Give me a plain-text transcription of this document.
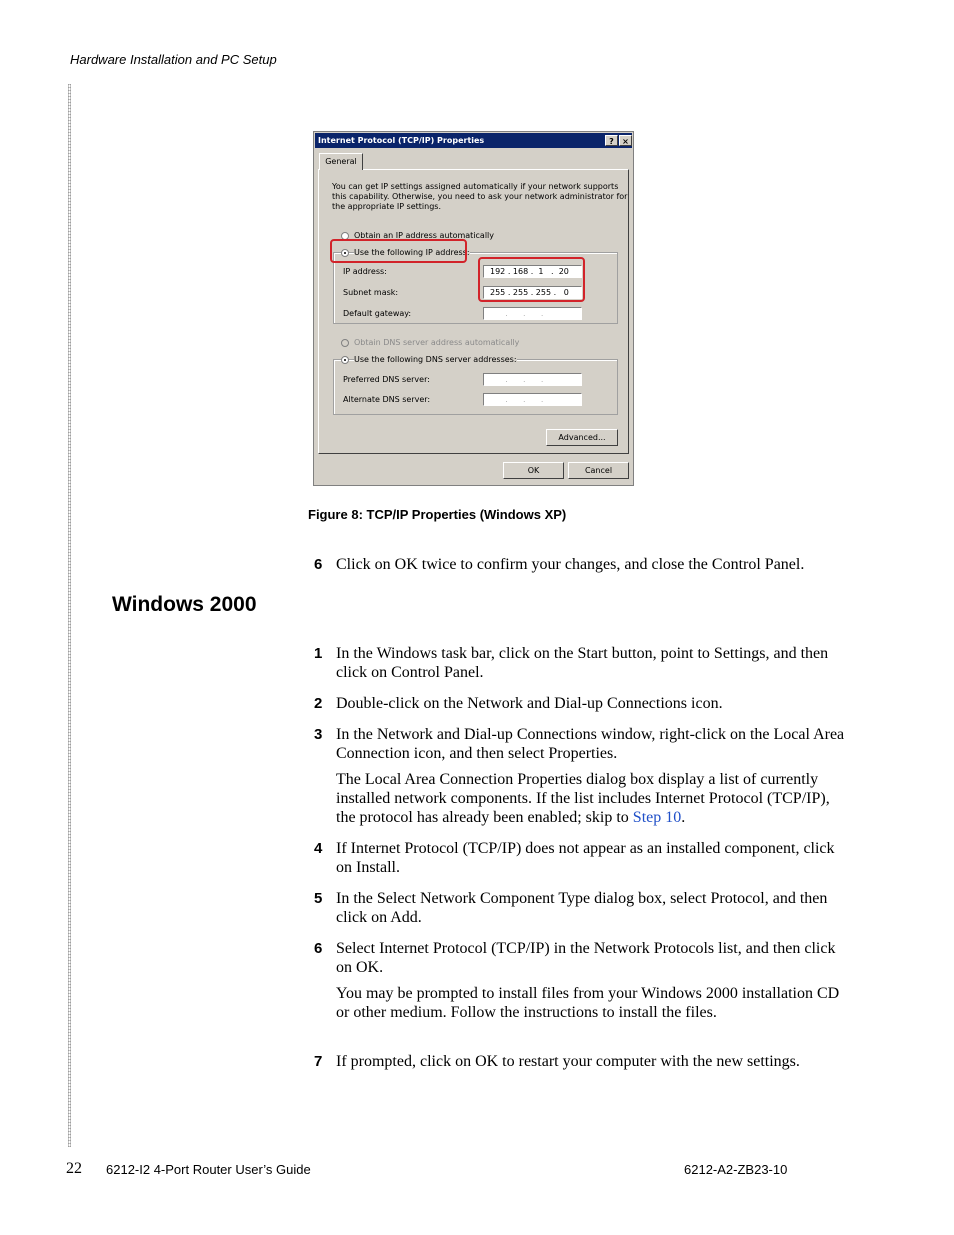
Hardware Installation and PC Setup
Internet Protocol (TCP/IP) Properties	?	×
General
You can get IP settings assigned automatically if your network supports
this capability. Otherwise, you need to ask your network administrator for
the appropriate IP settings.
Obtain an IP address automatically
Use the following IP address:
IP address:	192 . 168 .  1   .  20
Subnet mask:	255 . 255 . 255 .   0
Default gateway:	.      .      .
Obtain DNS server address automatically
Use the following DNS server addresses:
Preferred DNS server:	.      .      .
Alternate DNS server:	.      .      .
Advanced...
OK	Cancel
Figure 8: TCP/IP Properties (Windows XP)
6 Click on OK twice to confirm your changes, and close the Control Panel.
Windows 2000
1 In the Windows task bar, click on the Start button, point to Settings, and then click on Control Panel.
2 Double-click on the Network and Dial-up Connections icon.
3 In the Network and Dial-up Connections window, right-click on the Local Area Connection icon, and then select Properties.
The Local Area Connection Properties dialog box display a list of currently installed network components. If the list includes Internet Protocol (TCP/IP), the protocol has already been enabled; skip to Step 10.
4 If Internet Protocol (TCP/IP) does not appear as an installed component, click on Install.
5 In the Select Network Component Type dialog box, select Protocol, and then click on Add.
6 Select Internet Protocol (TCP/IP) in the Network Protocols list, and then click on OK.
You may be prompted to install files from your Windows 2000 installation CD or other medium. Follow the instructions to install the files.
7 If prompted, click on OK to restart your computer with the new settings.
22 6212-I2 4-Port Router User’s Guide	6212-A2-ZB23-10
